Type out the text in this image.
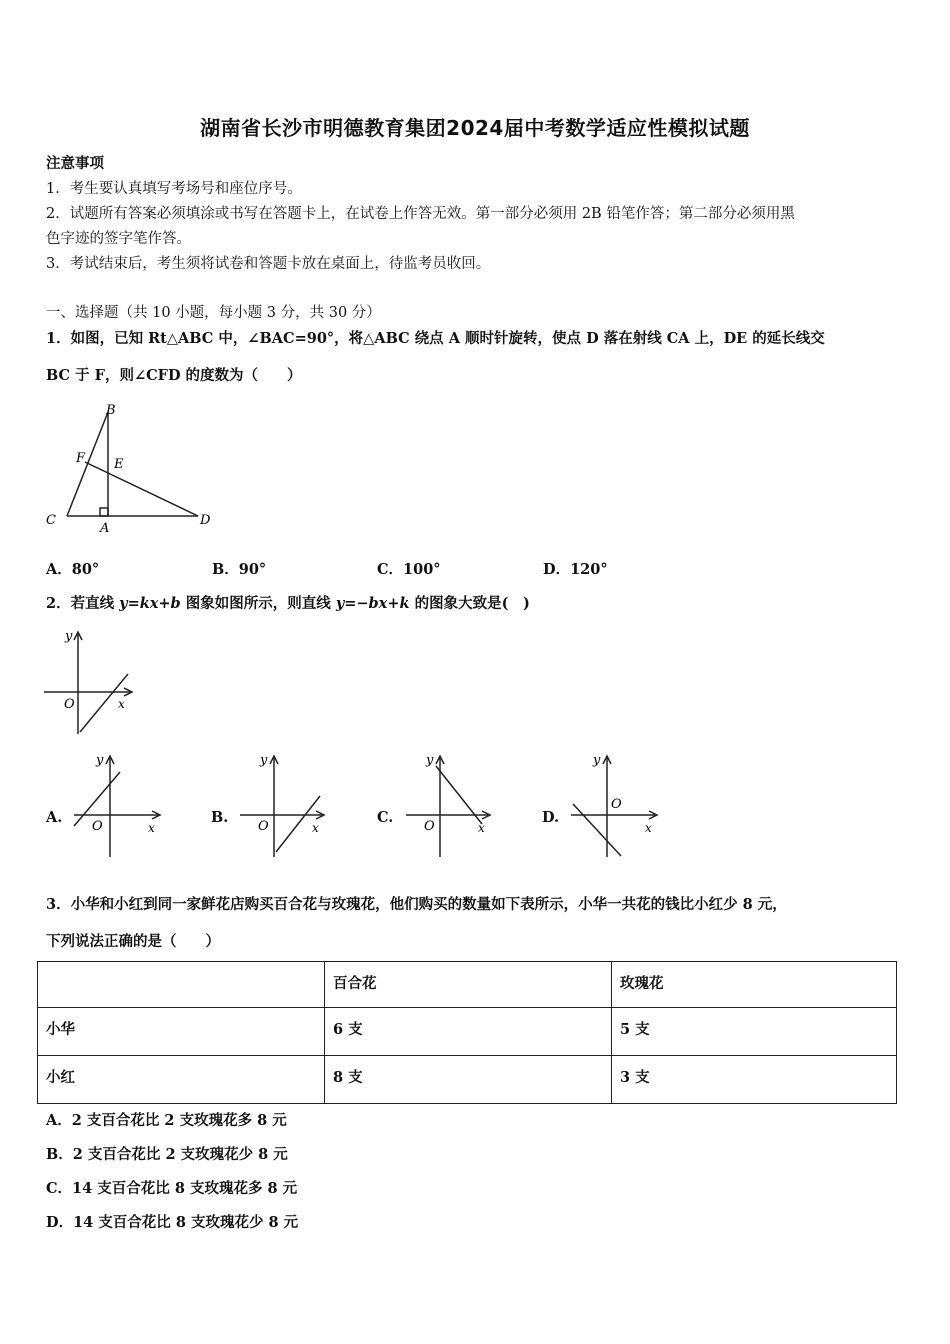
湖南省长沙市明德教育集团2024届中考数学适应性模拟试题
注意事项
1．考生要认真填写考场号和座位序号。
2．试题所有答案必须填涂或书写在答题卡上，在试卷上作答无效。第一部分必须用 2B 铅笔作答；第二部分必须用黑
色字迹的签字笔作答。
3．考试结束后，考生须将试卷和答题卡放在桌面上，待监考员收回。
一、选择题（共 10 小题，每小题 3 分，共 30 分）
1．如图，已知 Rt△ABC 中，∠BAC=90°，将△ABC 绕点 A 顺时针旋转，使点 D 落在射线 CA 上，DE 的延长线交
BC 于 F，则∠CFD 的度数为（　　）
B
F E
C
A
D
A．80°	B．90°	C．100°	D．120°
2．若直线 y=kx+b 图象如图所示，则直线 y=−bx+k 的图象大致是(　)
y
O	x
A.
y
O	x
B.
y
O	x
C.
y
O	x
D.
y
O
x
3．小华和小红到同一家鲜花店购买百合花与玫瑰花，他们购买的数量如下表所示，小华一共花的钱比小红少 8 元，
下列说法正确的是（　　）
	百合花	玫瑰花
小华	6 支	5 支
小红	8 支	3 支
A．2 支百合花比 2 支玫瑰花多 8 元
B．2 支百合花比 2 支玫瑰花少 8 元
C．14 支百合花比 8 支玫瑰花多 8 元
D．14 支百合花比 8 支玫瑰花少 8 元
